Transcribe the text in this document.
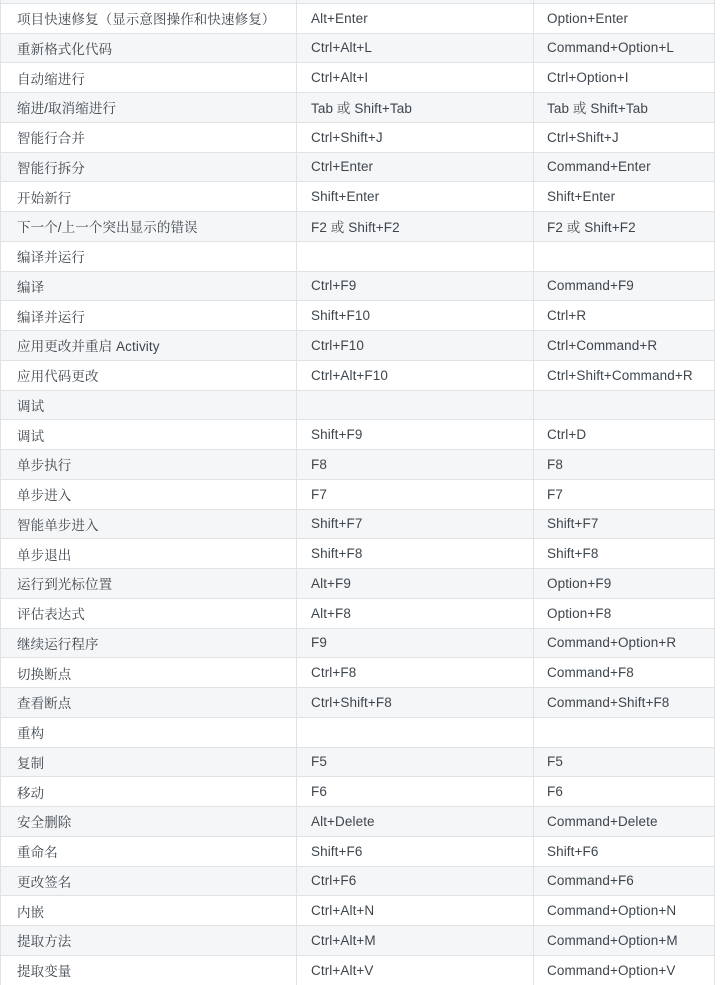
项目快速修复（显示意图操作和快速修复）	Alt+Enter	Option+Enter
重新格式化代码	Ctrl+Alt+L	Command+Option+L
自动缩进行	Ctrl+Alt+I	Ctrl+Option+I
缩进/取消缩进行	Tab 或 Shift+Tab	Tab 或 Shift+Tab
智能行合并	Ctrl+Shift+J	Ctrl+Shift+J
智能行拆分	Ctrl+Enter	Command+Enter
开始新行	Shift+Enter	Shift+Enter
下一个/上一个突出显示的错误	F2 或 Shift+F2	F2 或 Shift+F2
编译并运行		
编译	Ctrl+F9	Command+F9
编译并运行	Shift+F10	Ctrl+R
应用更改并重启 Activity	Ctrl+F10	Ctrl+Command+R
应用代码更改	Ctrl+Alt+F10	Ctrl+Shift+Command+R
调试		
调试	Shift+F9	Ctrl+D
单步执行	F8	F8
单步进入	F7	F7
智能单步进入	Shift+F7	Shift+F7
单步退出	Shift+F8	Shift+F8
运行到光标位置	Alt+F9	Option+F9
评估表达式	Alt+F8	Option+F8
继续运行程序	F9	Command+Option+R
切换断点	Ctrl+F8	Command+F8
查看断点	Ctrl+Shift+F8	Command+Shift+F8
重构		
复制	F5	F5
移动	F6	F6
安全删除	Alt+Delete	Command+Delete
重命名	Shift+F6	Shift+F6
更改签名	Ctrl+F6	Command+F6
内嵌	Ctrl+Alt+N	Command+Option+N
提取方法	Ctrl+Alt+M	Command+Option+M
提取变量	Ctrl+Alt+V	Command+Option+V
